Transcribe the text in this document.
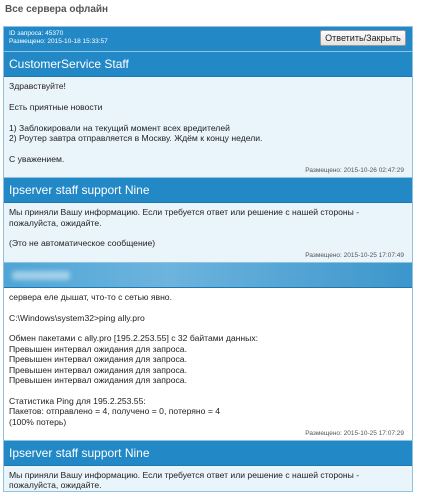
Все сервера офлайн
ID запроса: 45370
Размещено: 2015-10-18 15:33:57	Ответить/Закрыть
CustomerService Staff
Здравствуйте!
Есть приятные новости
1) Заблокировали на текущий момент всех вредителей
2) Роутер завтра отправляется в Москву. Ждём к концу недели.
С уважением.
Размещено: 2015-10-26 02:47:29
Ipserver staff support Nine
Мы приняли Вашу информацию. Если требуется ответ или решение с нашей стороны -
пожалуйста, ожидайте.
(Это не автоматическое сообщение)
Размещено: 2015-10-25 17:07:49
сервера еле дышат, что-то с сетью явно.
C:\Windows\system32>ping ally.pro
Обмен пакетами с ally.pro [195.2.253.55] с 32 байтами данных:
Превышен интервал ожидания для запроса.
Превышен интервал ожидания для запроса.
Превышен интервал ожидания для запроса.
Превышен интервал ожидания для запроса.
Статистика Ping для 195.2.253.55:
Пакетов: отправлено = 4, получено = 0, потеряно = 4
(100% потерь)
Размещено: 2015-10-25 17:07:29
Ipserver staff support Nine
Мы приняли Вашу информацию. Если требуется ответ или решение с нашей стороны -
пожалуйста, ожидайте.
